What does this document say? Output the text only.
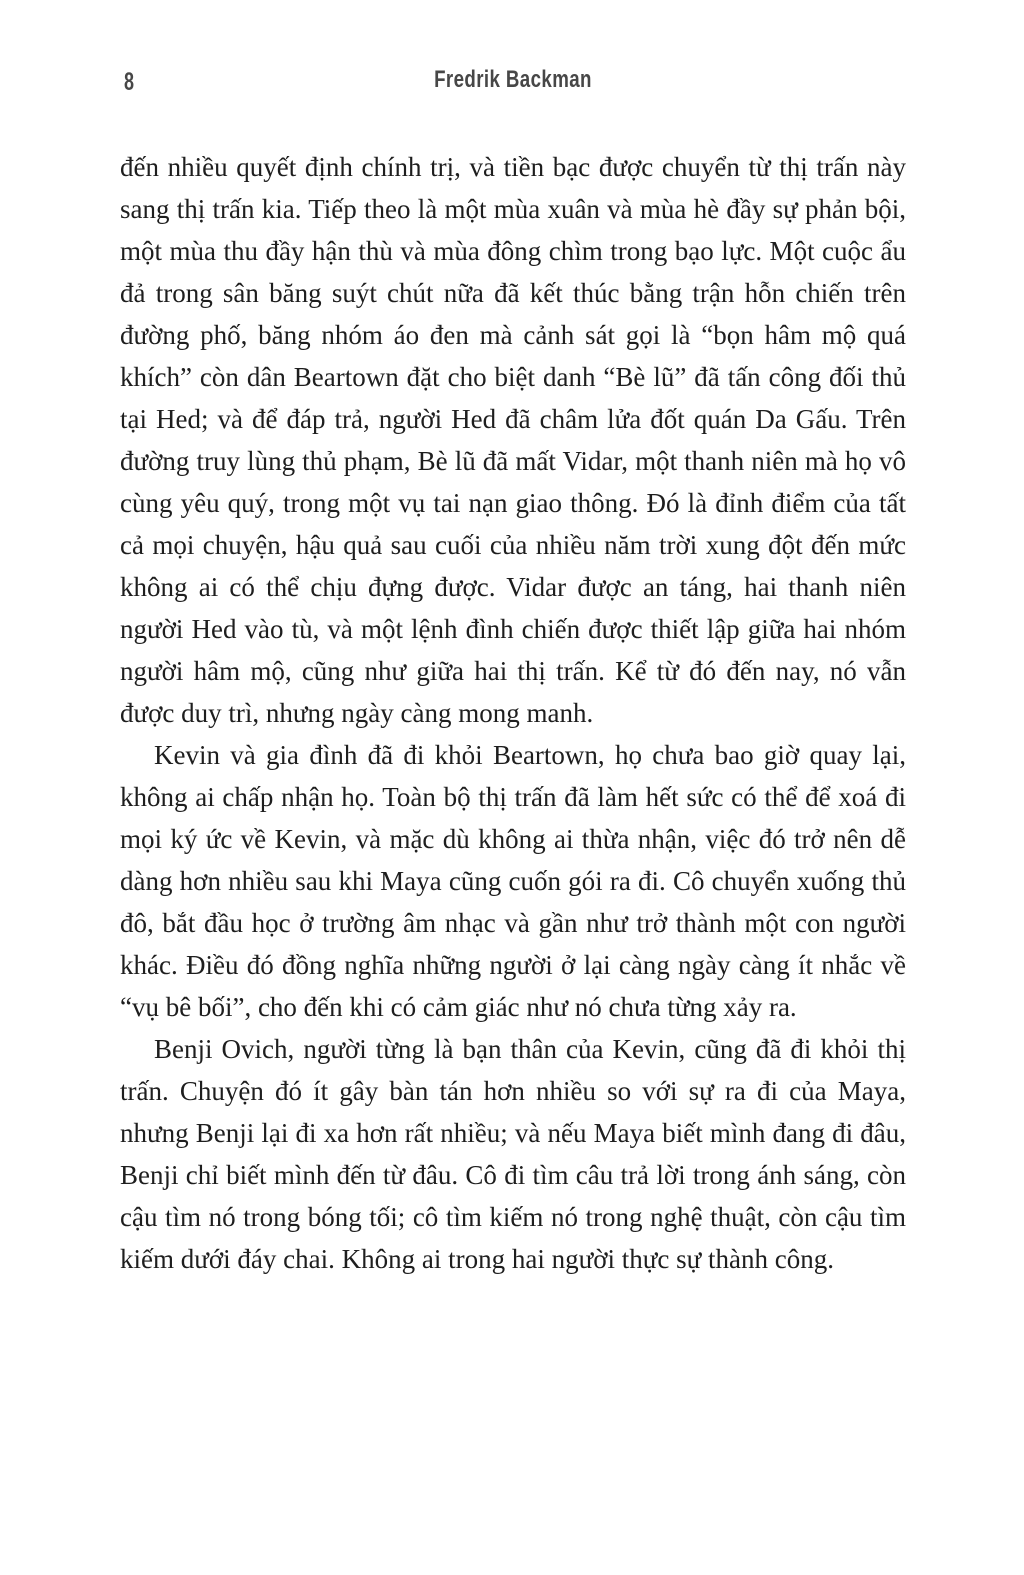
8	Fredrik Backman

đến nhiều quyết định chính trị, và tiền bạc được chuyển từ thị trấn này sang thị trấn kia. Tiếp theo là một mùa xuân và mùa hè đầy sự phản bội, một mùa thu đầy hận thù và mùa đông chìm trong bạo lực. Một cuộc ẩu đả trong sân băng suýt chút nữa đã kết thúc bằng trận hỗn chiến trên đường phố, băng nhóm áo đen mà cảnh sát gọi là “bọn hâm mộ quá khích” còn dân Beartown đặt cho biệt danh “Bè lũ” đã tấn công đối thủ tại Hed; và để đáp trả, người Hed đã châm lửa đốt quán Da Gấu. Trên đường truy lùng thủ phạm, Bè lũ đã mất Vidar, một thanh niên mà họ vô cùng yêu quý, trong một vụ tai nạn giao thông. Đó là đỉnh điểm của tất cả mọi chuyện, hậu quả sau cuối của nhiều năm trời xung đột đến mức không ai có thể chịu đựng được. Vidar được an táng, hai thanh niên người Hed vào tù, và một lệnh đình chiến được thiết lập giữa hai nhóm người hâm mộ, cũng như giữa hai thị trấn. Kể từ đó đến nay, nó vẫn được duy trì, nhưng ngày càng mong manh.

Kevin và gia đình đã đi khỏi Beartown, họ chưa bao giờ quay lại, không ai chấp nhận họ. Toàn bộ thị trấn đã làm hết sức có thể để xoá đi mọi ký ức về Kevin, và mặc dù không ai thừa nhận, việc đó trở nên dễ dàng hơn nhiều sau khi Maya cũng cuốn gói ra đi. Cô chuyển xuống thủ đô, bắt đầu học ở trường âm nhạc và gần như trở thành một con người khác. Điều đó đồng nghĩa những người ở lại càng ngày càng ít nhắc về “vụ bê bối”, cho đến khi có cảm giác như nó chưa từng xảy ra.

Benji Ovich, người từng là bạn thân của Kevin, cũng đã đi khỏi thị trấn. Chuyện đó ít gây bàn tán hơn nhiều so với sự ra đi của Maya, nhưng Benji lại đi xa hơn rất nhiều; và nếu Maya biết mình đang đi đâu, Benji chỉ biết mình đến từ đâu. Cô đi tìm câu trả lời trong ánh sáng, còn cậu tìm nó trong bóng tối; cô tìm kiếm nó trong nghệ thuật, còn cậu tìm kiếm dưới đáy chai. Không ai trong hai người thực sự thành công.
